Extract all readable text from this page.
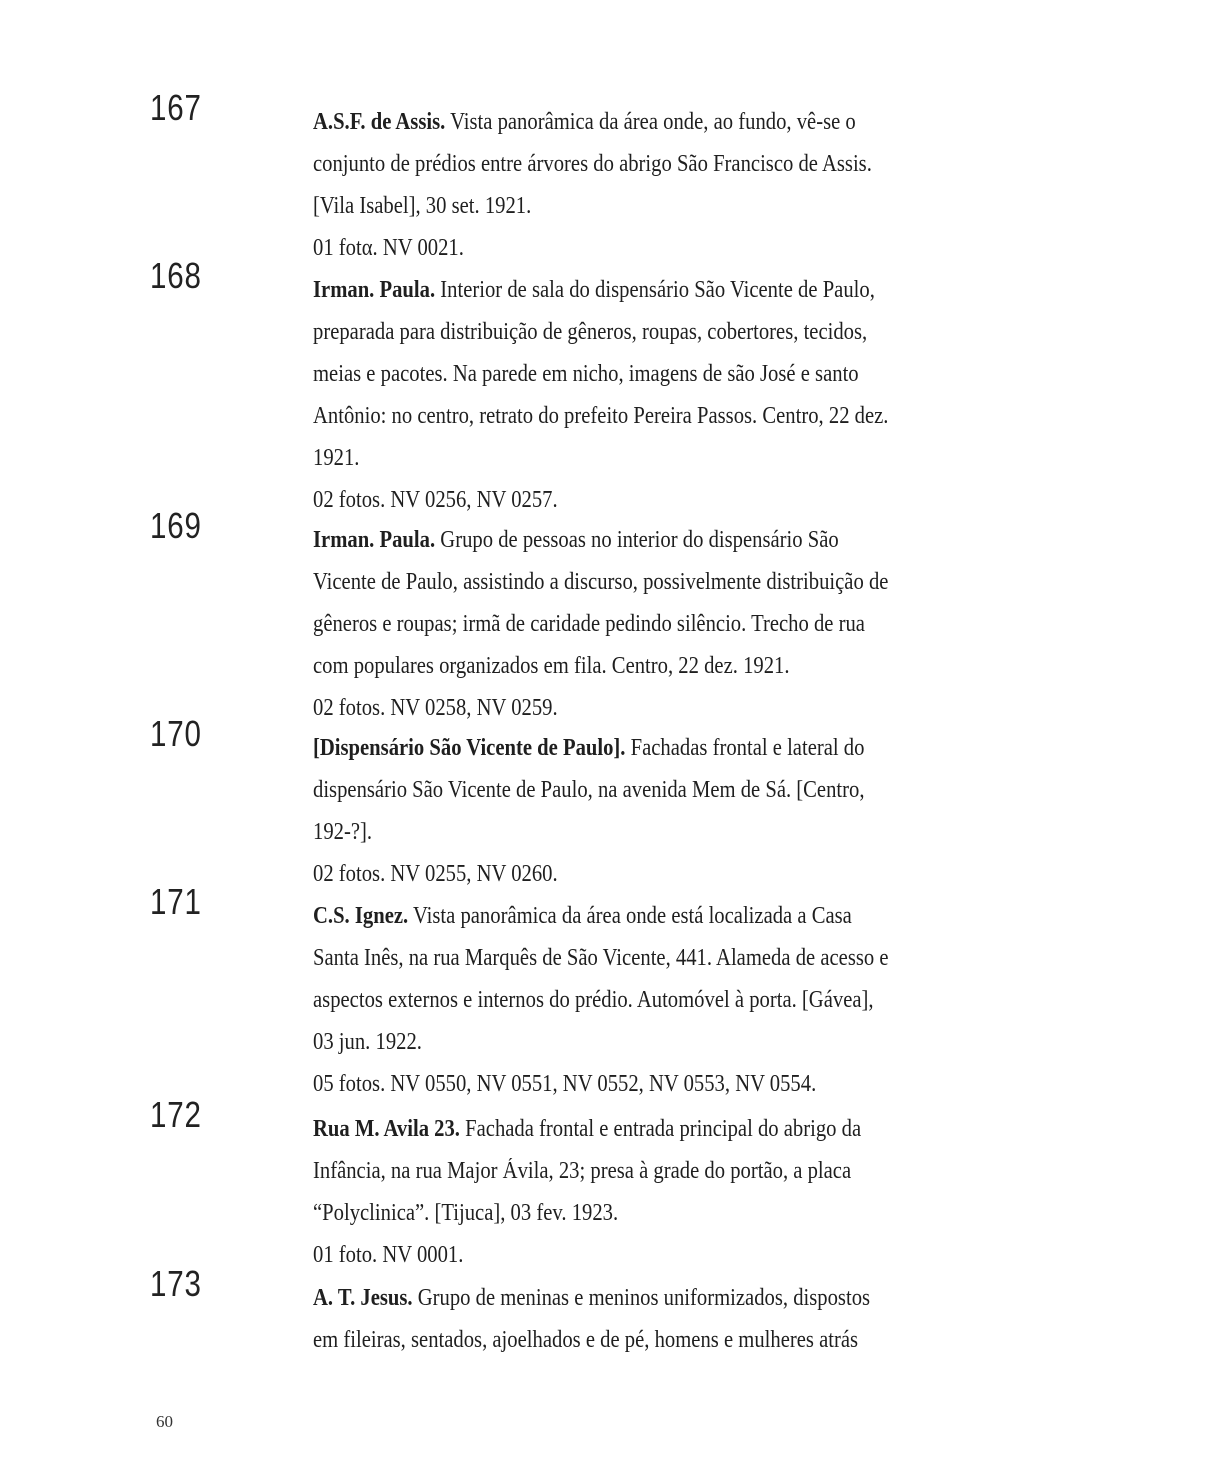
167	A.S.F. de Assis. Vista panorâmica da área onde, ao fundo, vê-se o
conjunto de prédios entre árvores do abrigo São Francisco de Assis.
[Vila Isabel], 30 set. 1921.
01 fotα. NV 0021.
168	Irman. Paula. Interior de sala do dispensário São Vicente de Paulo,
preparada para distribuição de gêneros, roupas, cobertores, tecidos,
meias e pacotes. Na parede em nicho, imagens de são José e santo
Antônio: no centro, retrato do prefeito Pereira Passos. Centro, 22 dez.
1921.
02 fotos. NV 0256, NV 0257.
169	Irman. Paula. Grupo de pessoas no interior do dispensário São
Vicente de Paulo, assistindo a discurso, possivelmente distribuição de
gêneros e roupas; irmã de caridade pedindo silêncio. Trecho de rua
com populares organizados em fila. Centro, 22 dez. 1921.
02 fotos. NV 0258, NV 0259.
170	[Dispensário São Vicente de Paulo]. Fachadas frontal e lateral do
dispensário São Vicente de Paulo, na avenida Mem de Sá. [Centro,
192-?].
02 fotos. NV 0255, NV 0260.
171	C.S. Ignez. Vista panorâmica da área onde está localizada a Casa
Santa Inês, na rua Marquês de São Vicente, 441. Alameda de acesso e
aspectos externos e internos do prédio. Automóvel à porta. [Gávea],
03 jun. 1922.
05 fotos. NV 0550, NV 0551, NV 0552, NV 0553, NV 0554.
172	Rua M. Avila 23. Fachada frontal e entrada principal do abrigo da
Infância, na rua Major Ávila, 23; presa à grade do portão, a placa
“Polyclinica”. [Tijuca], 03 fev. 1923.
01 foto. NV 0001.
173	A. T. Jesus. Grupo de meninas e meninos uniformizados, dispostos
em fileiras, sentados, ajoelhados e de pé, homens e mulheres atrás
60
